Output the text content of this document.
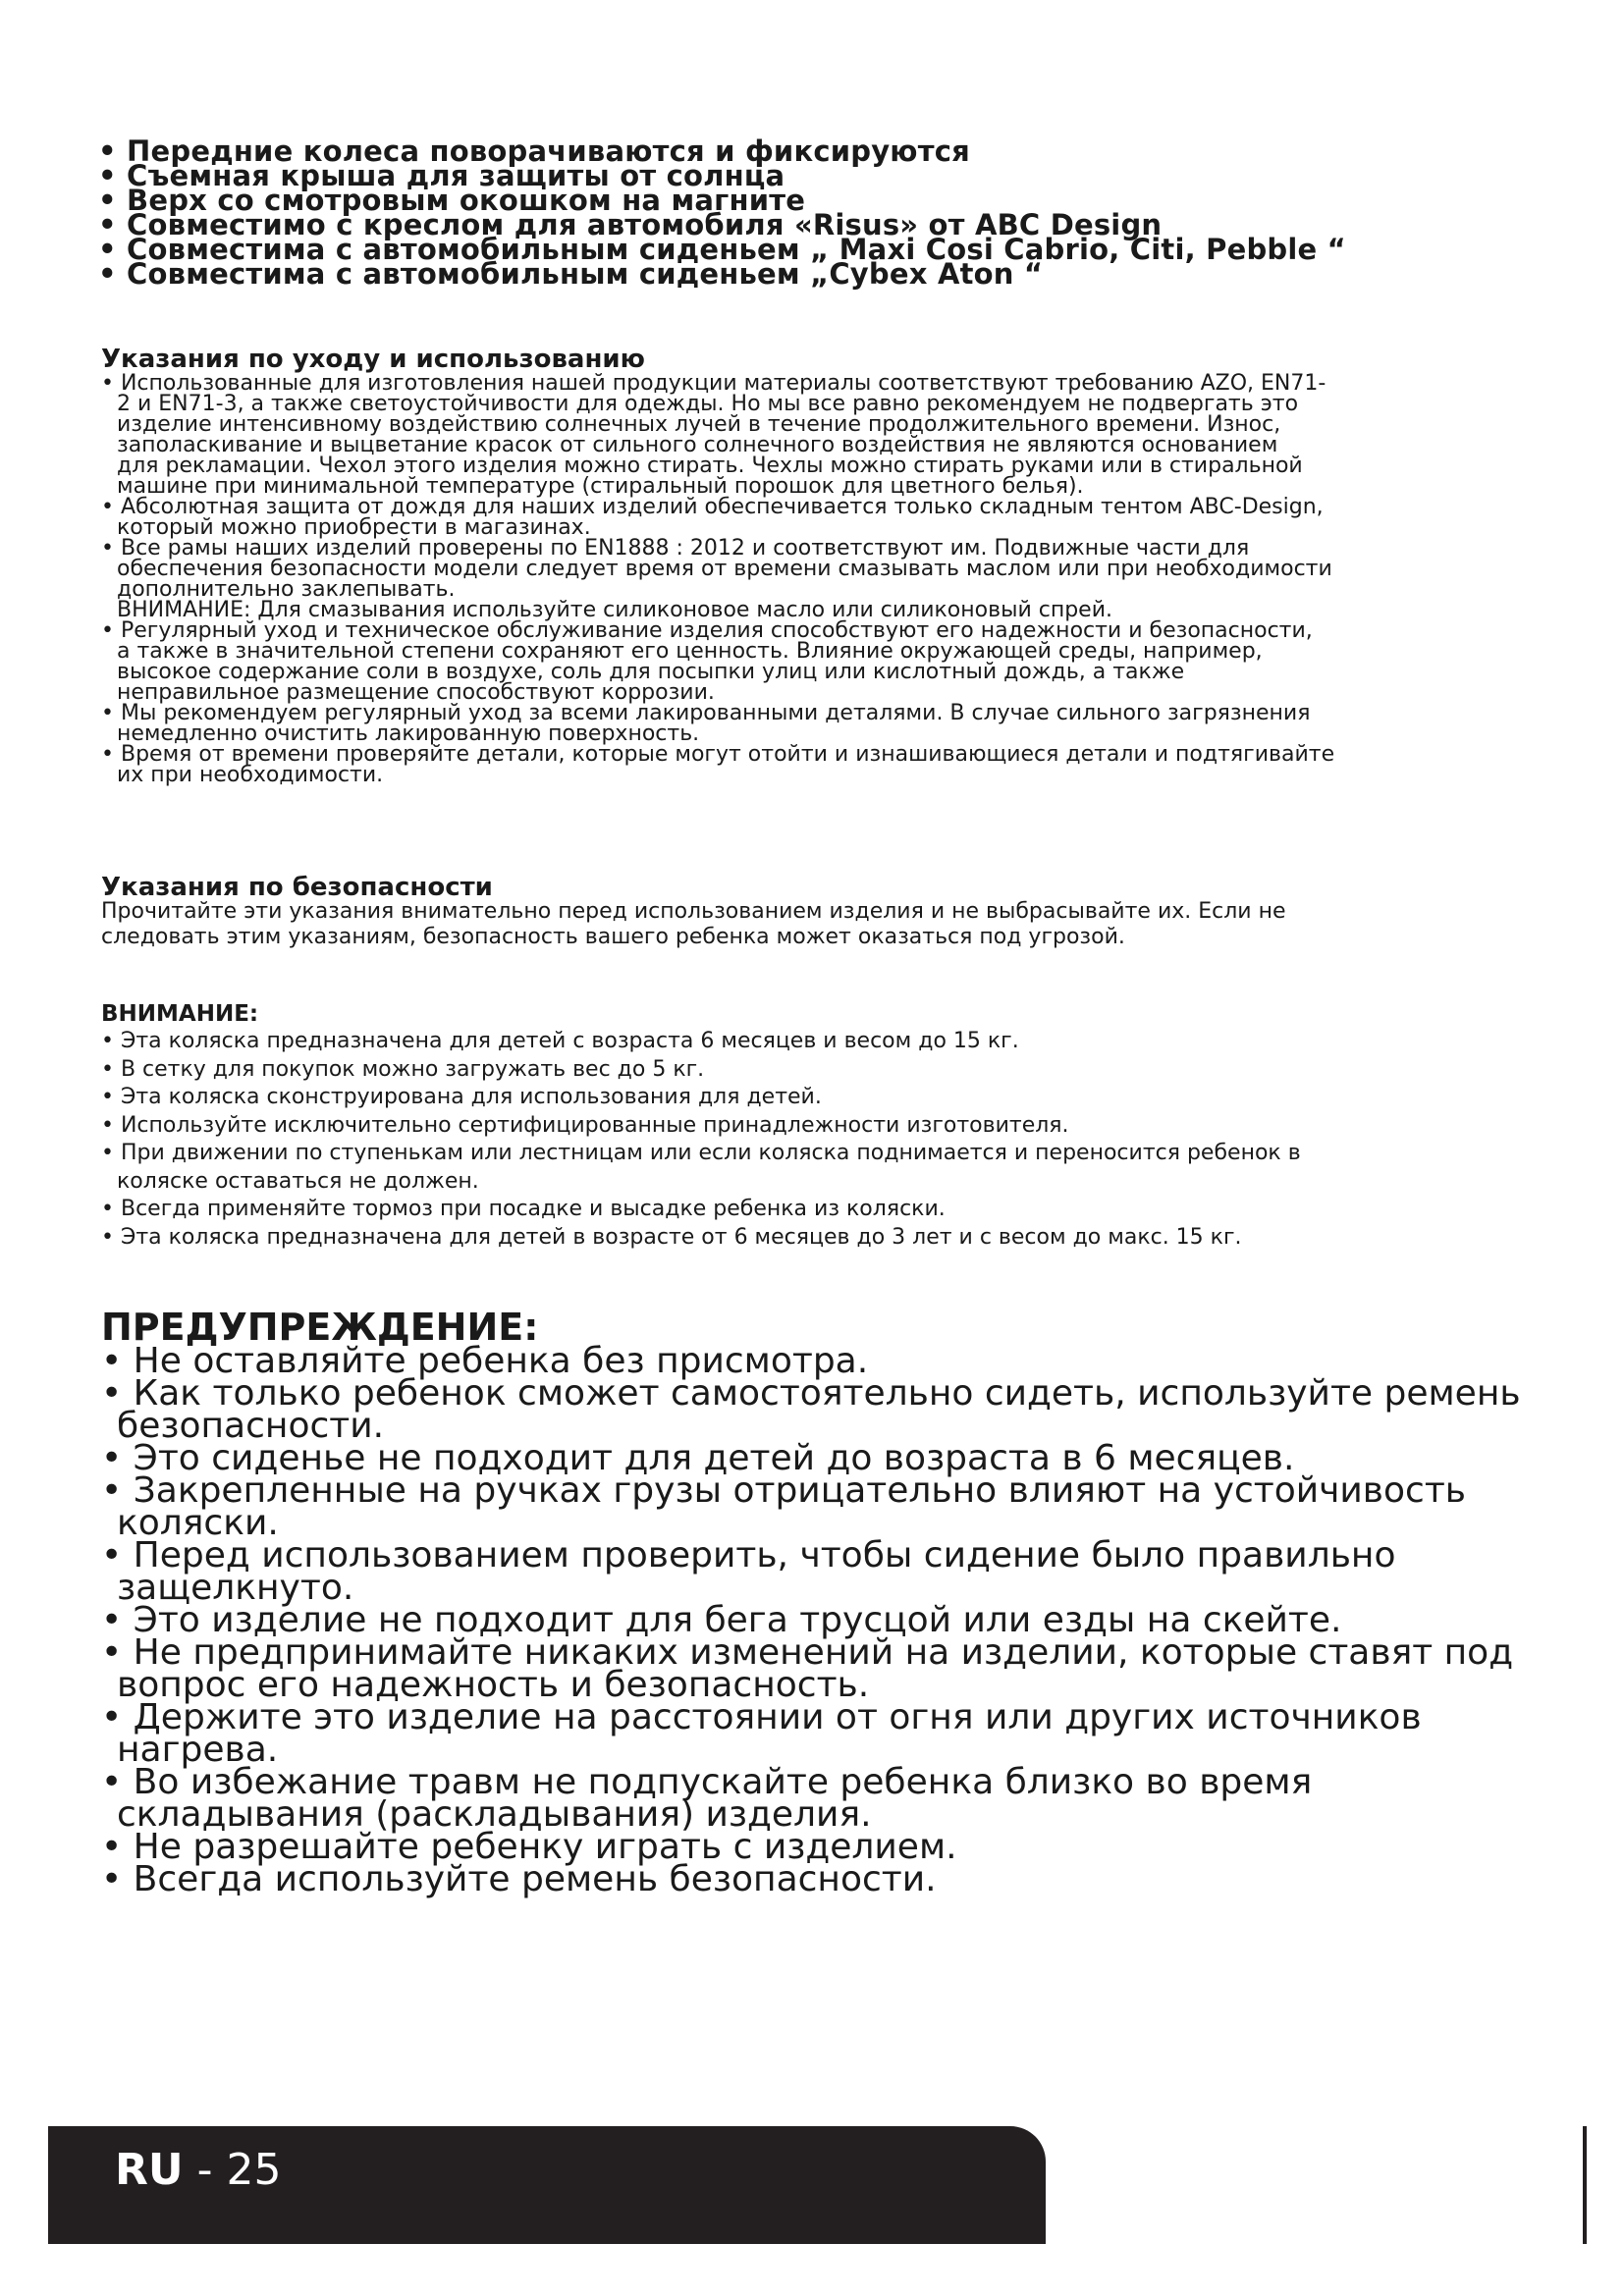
• Передние колеса поворачиваются и фиксируются
• Съемная крыша для защиты от солнца
• Верх со смотровым окошком на магните
• Совместимо с креслом для автомобиля «Risus» от ABC Design
• Совместима с автомобильным сиденьем „ Maxi Cosi Cabrio, Citi, Pebble “
• Совместима с автомобильным сиденьем „Cybex Aton “
Указания по уходу и использованию
• Использованные для изготовления нашей продукции материалы соответствуют требованию AZO, EN71-
2 и EN71-3, а также светоустойчивости для одежды. Но мы все равно рекомендуем не подвергать это
изделие интенсивному воздействию солнечных лучей в течение продолжительного времени. Износ,
заполаскивание и выцветание красок от сильного солнечного воздействия не являются основанием
для рекламации. Чехол этого изделия можно стирать. Чехлы можно стирать руками или в стиральной
машине при минимальной температуре (стиральный порошок для цветного белья).
• Абсолютная защита от дождя для наших изделий обеспечивается только складным тентом ABC-Design,
который можно приобрести в магазинах.
• Все рамы наших изделий проверены по EN1888 : 2012 и соответствуют им. Подвижные части для
обеспечения безопасности модели следует время от времени смазывать маслом или при необходимости
дополнительно заклепывать.
ВНИМАНИЕ: Для смазывания используйте силиконовое масло или силиконовый спрей.
• Регулярный уход и техническое обслуживание изделия способствуют его надежности и безопасности,
а также в значительной степени сохраняют его ценность. Влияние окружающей среды, например,
высокое содержание соли в воздухе, соль для посыпки улиц или кислотный дождь, а также
неправильное размещение способствуют коррозии.
• Мы рекомендуем регулярный уход за всеми лакированными деталями. В случае сильного загрязнения
немедленно очистить лакированную поверхность.
• Время от времени проверяйте детали, которые могут отойти и изнашивающиеся детали и подтягивайте
их при необходимости.
Указания по безопасности
Прочитайте эти указания внимательно перед использованием изделия и не выбрасывайте их. Если не
следовать этим указаниям, безопасность вашего ребенка может оказаться под угрозой.
ВНИМАНИЕ:
• Эта коляска предназначена для детей с возраста 6 месяцев и весом до 15 кг.
• В сетку для покупок можно загружать вес до 5 кг.
• Эта коляска сконструирована для использования для детей.
• Используйте исключительно сертифицированные принадлежности изготовителя.
• При движении по ступенькам или лестницам или если коляска поднимается и переносится ребенок в
коляске оставаться не должен.
• Всегда применяйте тормоз при посадке и высадке ребенка из коляски.
• Эта коляска предназначена для детей в возрасте от 6 месяцев до 3 лет и с весом до макс. 15 кг.
ПРЕДУПРЕЖДЕНИЕ:
• Не оставляйте ребенка без присмотра.
• Как только ребенок сможет самостоятельно сидеть, используйте ремень
безопасности.
• Это сиденье не подходит для детей до возраста в 6 месяцев.
• Закрепленные на ручках грузы отрицательно влияют на устойчивость
коляски.
• Перед использованием проверить, чтобы сидение было правильно
защелкнуто.
• Это изделие не подходит для бега трусцой или езды на скейте.
• Не предпринимайте никаких изменений на изделии, которые ставят под
вопрос его надежность и безопасность.
• Держите это изделие на расстоянии от огня или других источников
нагрева.
• Во избежание травм не подпускайте ребенка близко во время
складывания (раскладывания) изделия.
• Не разрешайте ребенку играть с изделием.
• Всегда используйте ремень безопасности.
RU - 25
